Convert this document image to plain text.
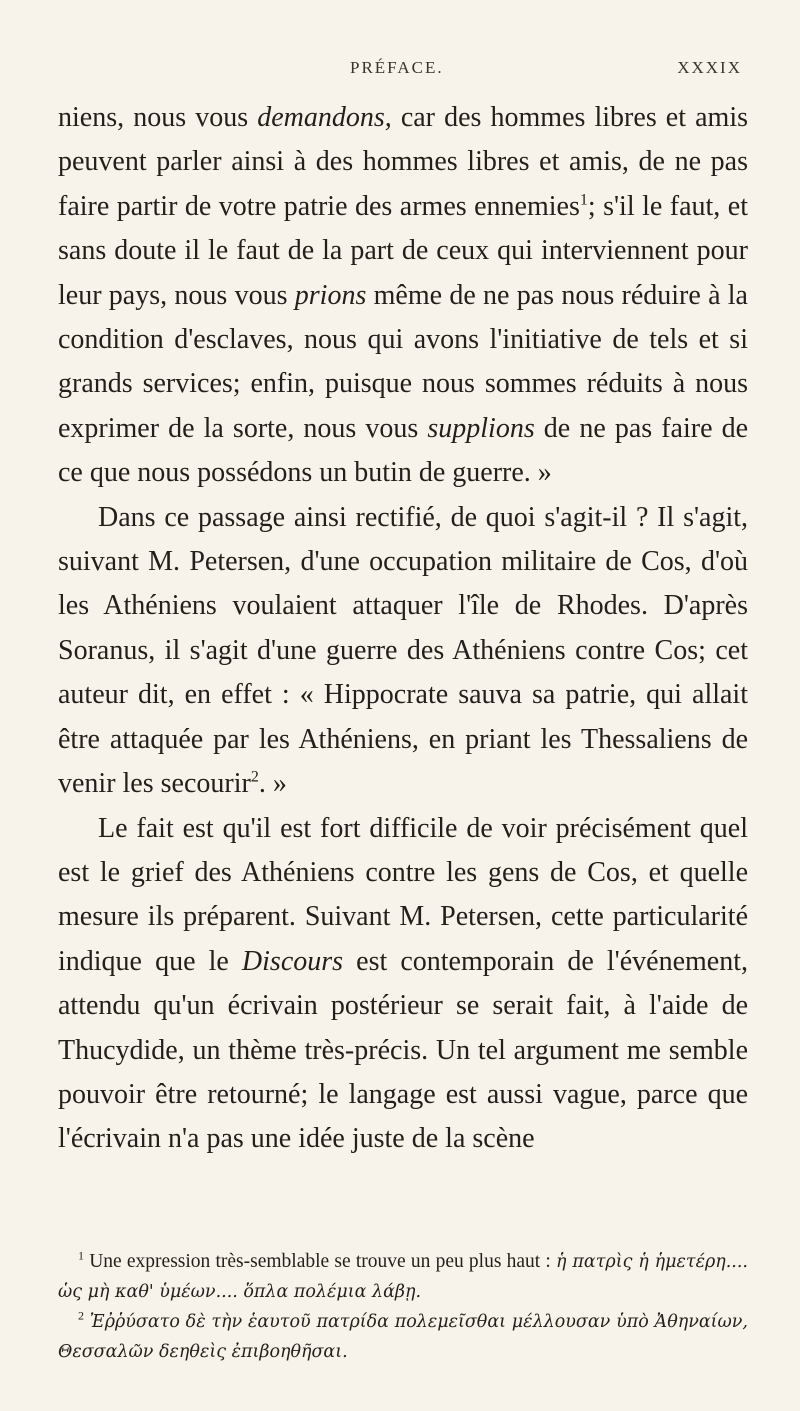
PRÉFACE.	XXXIX

niens, nous vous demandons, car des hommes libres et amis peuvent parler ainsi à des hommes libres et amis, de ne pas faire partir de votre patrie des armes ennemies$^1$; s'il le faut, et sans doute il le faut de la part de ceux qui interviennent pour leur pays, nous vous prions même de ne pas nous réduire à la condition d'esclaves, nous qui avons l'initiative de tels et si grands services; enfin, puisque nous sommes réduits à nous exprimer de la sorte, nous vous supplions de ne pas faire de ce que nous possédons un butin de guerre. »

Dans ce passage ainsi rectifié, de quoi s'agit-il ? Il s'agit, suivant M. Petersen, d'une occupation militaire de Cos, d'où les Athéniens voulaient attaquer l'île de Rhodes. D'après Soranus, il s'agit d'une guerre des Athéniens contre Cos; cet auteur dit, en effet : « Hippocrate sauva sa patrie, qui allait être attaquée par les Athéniens, en priant les Thessaliens de venir les secourir$^2$. »

Le fait est qu'il est fort difficile de voir précisément quel est le grief des Athéniens contre les gens de Cos, et quelle mesure ils préparent. Suivant M. Petersen, cette particularité indique que le Discours est contemporain de l'événement, attendu qu'un écrivain postérieur se serait fait, à l'aide de Thucydide, un thème très-précis. Un tel argument me semble pouvoir être retourné; le langage est aussi vague, parce que l'écrivain n'a pas une idée juste de la scène

$^1$ Une expression très-semblable se trouve un peu plus haut : ἡ πατρὶς ἡ ἡμετέρη.... ὡς μὴ καθ' ὑμέων.... ὅπλα πολέμια λάβῃ.

$^2$ Ἐῤῥύσατο δὲ τὴν ἑαυτοῦ πατρίδα πολεμεῖσθαι μέλλουσαν ὑπὸ Ἀθηναίων, Θεσσαλῶν δεηθεὶς ἐπιβοηθῆσαι.
